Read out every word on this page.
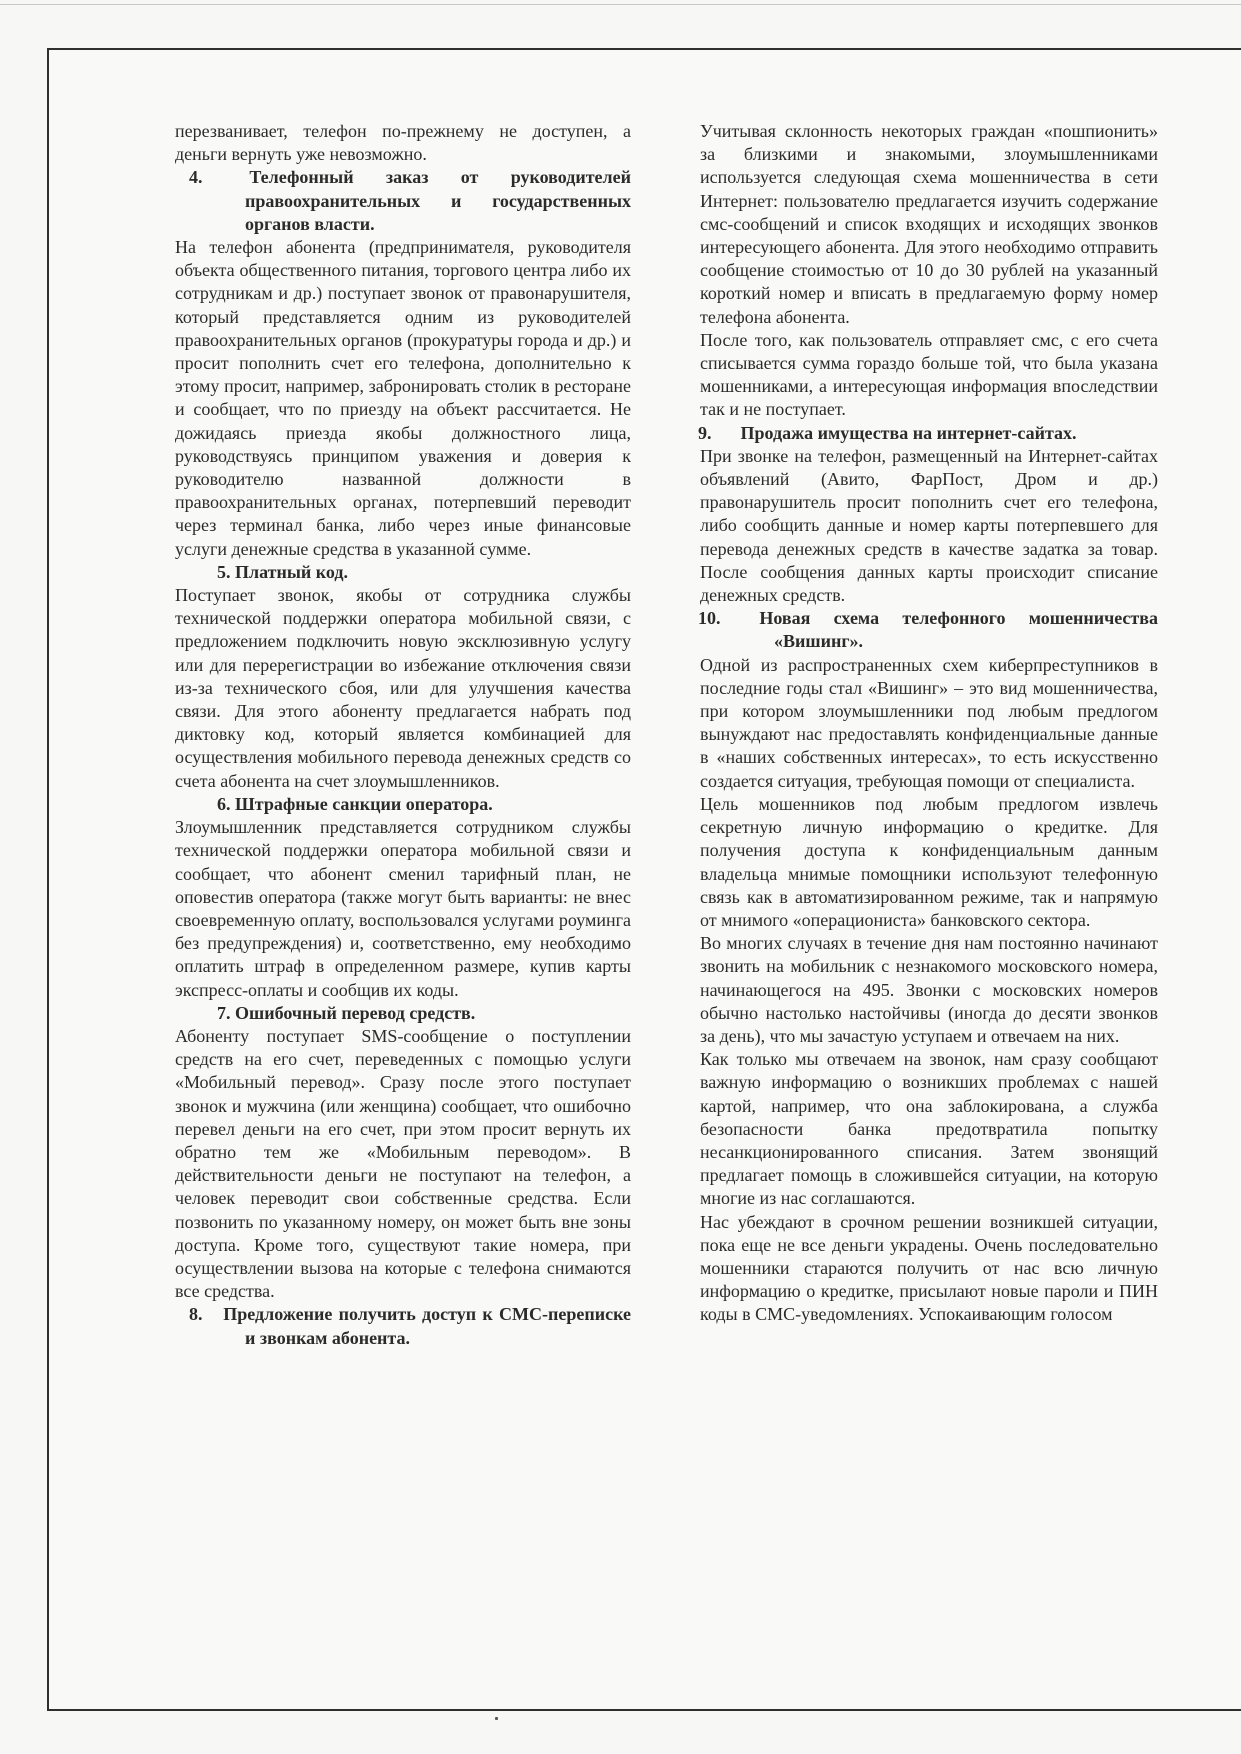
перезванивает, телефон по-прежнему не доступен, а деньги вернуть уже невозможно.

4.	Телефонный заказ от руководителей правоохранительных и государственных органов власти.

На телефон абонента (предпринимателя, руководителя объекта общественного питания, торгового центра либо их сотрудникам и др.) поступает звонок от правонарушителя, который представляется одним из руководителей правоохранительных органов (прокуратуры города и др.) и просит пополнить счет его телефона, дополнительно к этому просит, например, забронировать столик в ресторане и сообщает, что по приезду на объект рассчитается. Не дожидаясь приезда якобы должностного лица, руководствуясь принципом уважения и доверия к руководителю названной должности в правоохранительных органах, потерпевший переводит через терминал банка, либо через иные финансовые услуги денежные средства в указанной сумме.

5. Платный код.

Поступает звонок, якобы от сотрудника службы технической поддержки оператора мобильной связи, с предложением подключить новую эксклюзивную услугу или для перерегистрации во избежание отключения связи из-за технического сбоя, или для улучшения качества связи. Для этого абоненту предлагается набрать под диктовку код, который является комбинацией для осуществления мобильного перевода денежных средств со счета абонента на счет злоумышленников.

6. Штрафные санкции оператора.

Злоумышленник представляется сотрудником службы технической поддержки оператора мобильной связи и сообщает, что абонент сменил тарифный план, не оповестив оператора (также могут быть варианты: не внес своевременную оплату, воспользовался услугами роуминга без предупреждения) и, соответственно, ему необходимо оплатить штраф в определенном размере, купив карты экспресс-оплаты и сообщив их коды.

7. Ошибочный перевод средств.

Абоненту поступает SMS-сообщение о поступлении средств на его счет, переведенных с помощью услуги «Мобильный перевод». Сразу после этого поступает звонок и мужчина (или женщина) сообщает, что ошибочно перевел деньги на его счет, при этом просит вернуть их обратно тем же «Мобильным переводом». В действительности деньги не поступают на телефон, а человек переводит свои собственные средства. Если позвонить по указанному номеру, он может быть вне зоны доступа. Кроме того, существуют такие номера, при осуществлении вызова на которые с телефона снимаются все средства.

8. Предложение получить доступ к СМС-переписке и звонкам абонента.

Учитывая склонность некоторых граждан «пошпионить» за близкими и знакомыми, злоумышленниками используется следующая схема мошенничества в сети Интернет: пользователю предлагается изучить содержание смс-сообщений и список входящих и исходящих звонков интересующего абонента. Для этого необходимо отправить сообщение стоимостью от 10 до 30 рублей на указанный короткий номер и вписать в предлагаемую форму номер телефона абонента.

После того, как пользователь отправляет смс, с его счета списывается сумма гораздо больше той, что была указана мошенниками, а интересующая информация впоследствии так и не поступает.

9. Продажа имущества на интернет-сайтах.

При звонке на телефон, размещенный на Интернет-сайтах объявлений (Авито, ФарПост, Дром и др.) правонарушитель просит пополнить счет его телефона, либо сообщить данные и номер карты потерпевшего для перевода денежных средств в качестве задатка за товар. После сообщения данных карты происходит списание денежных средств.

10. Новая схема телефонного мошенничества «Вишинг».

Одной из распространенных схем киберпреступников в последние годы стал «Вишинг» – это вид мошенничества, при котором злоумышленники под любым предлогом вынуждают нас предоставлять конфиденциальные данные в «наших собственных интересах», то есть искусственно создается ситуация, требующая помощи от специалиста.

Цель мошенников под любым предлогом извлечь секретную личную информацию о кредитке. Для получения доступа к конфиденциальным данным владельца мнимые помощники используют телефонную связь как в автоматизированном режиме, так и напрямую от мнимого «операциониста» банковского сектора.

Во многих случаях в течение дня нам постоянно начинают звонить на мобильник с незнакомого московского номера, начинающегося на 495. Звонки с московских номеров обычно настолько настойчивы (иногда до десяти звонков за день), что мы зачастую уступаем и отвечаем на них.

Как только мы отвечаем на звонок, нам сразу сообщают важную информацию о возникших проблемах с нашей картой, например, что она заблокирована, а служба безопасности банка предотвратила попытку несанкционированного списания. Затем звонящий предлагает помощь в сложившейся ситуации, на которую многие из нас соглашаются.

Нас убеждают в срочном решении возникшей ситуации, пока еще не все деньги украдены. Очень последовательно мошенники стараются получить от нас всю личную информацию о кредитке, присылают новые пароли и ПИН коды в СМС-уведомлениях. Успокаивающим голосом
